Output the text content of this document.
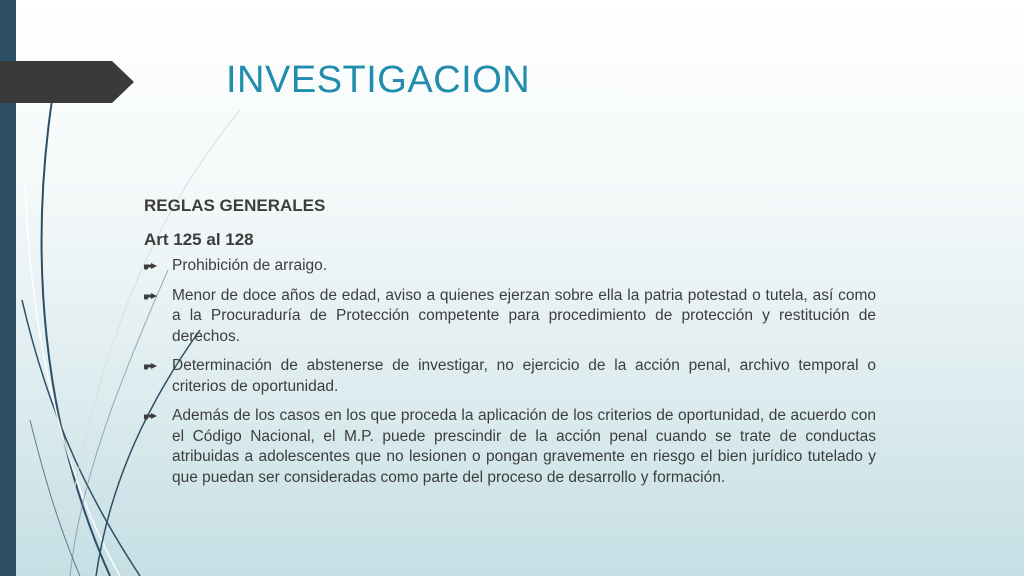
INVESTIGACION
REGLAS GENERALES
Art 125 al 128
Prohibición de arraigo.
Menor de doce años de edad, aviso a quienes ejerzan sobre ella la patria potestad o tutela, así como a la Procuraduría de Protección competente para procedimiento de protección y restitución de derechos.
Determinación de abstenerse de investigar, no ejercicio de la acción penal, archivo temporal o criterios de oportunidad.
Además de los casos en los que proceda la aplicación de los criterios de oportunidad, de acuerdo con el Código Nacional, el M.P. puede prescindir de la acción penal cuando se trate de conductas atribuidas a adolescentes que no lesionen o pongan gravemente en riesgo el bien jurídico tutelado y que puedan ser consideradas como parte del proceso de desarrollo y formación.
